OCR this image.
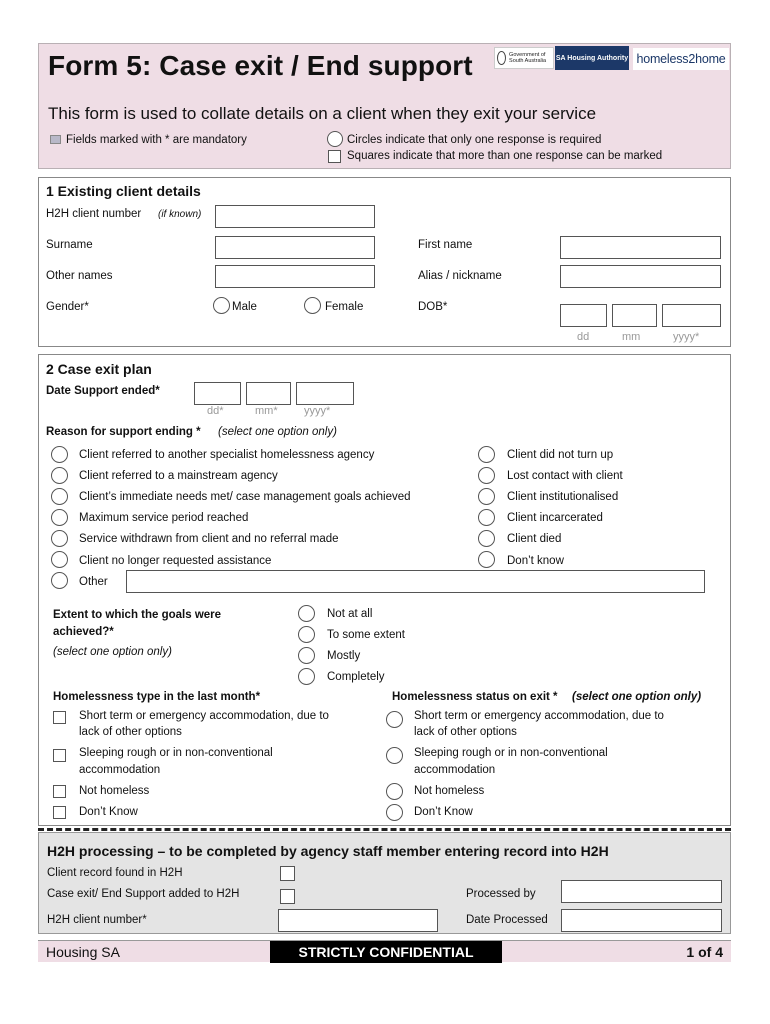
Form 5: Case exit / End support	Government of South Australia	SA Housing Authority homeless2home
This form is used to collate details on a client when they exit your service
Fields marked with * are mandatory	Circles indicate that only one response is required
Squares indicate that more than one response can be marked
1 Existing client details
H2H client number (if known)
Surname	First name
Other names	Alias / nickname
Gender*	Male	Female	DOB*
dd	mm	yyyy*
2 Case exit plan
Date Support ended*
dd*	mm* yyyy*
Reason for support ending * (select one option only)
Client referred to another specialist homelessness agency
Client referred to a mainstream agency
Client’s immediate needs met/ case management goals achieved
Maximum service period reached
Service withdrawn from client and no referral made
Client no longer requested assistance
Client did not turn up
Lost contact with client
Client institutionalised
Client incarcerated
Client died
Don’t know
Other
Extent to which the goals were
achieved?*
(select one option only)
Not at all
To some extent
Mostly
Completely
Homelessness type in the last month*
Short term or emergency accommodation, due to
lack of other options
Sleeping rough or in non-conventional
accommodation
Not homeless
Don’t Know
Homelessness status on exit * (select one option only)
Short term or emergency accommodation, due to
lack of other options
Sleeping rough or in non-conventional
accommodation
Not homeless
Don’t Know
H2H processing – to be completed by agency staff member entering record into H2H
Client record found in H2H
Case exit/ End Support added to H2H	Processed by
H2H client number*	Date Processed
Housing SA	STRICTLY CONFIDENTIAL	1 of 4
